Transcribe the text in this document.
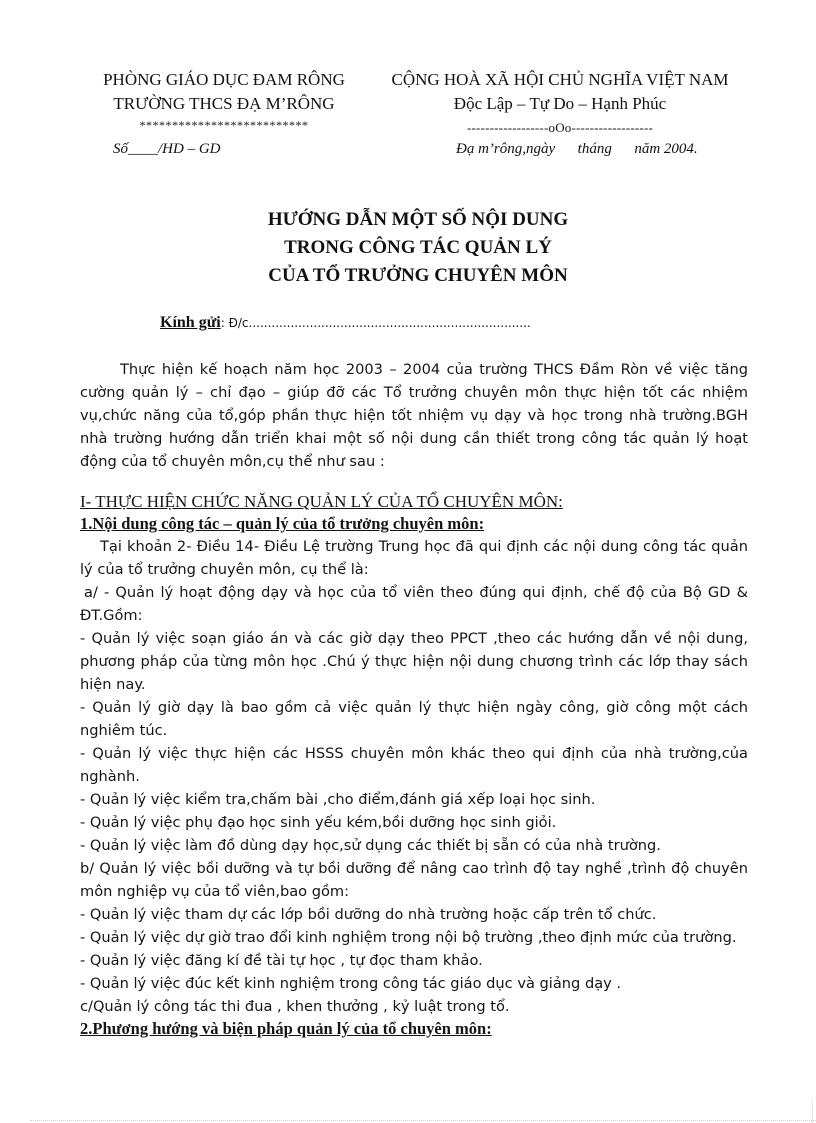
PHÒNG GIÁO DỤC ĐAM RÔNG
TRƯỜNG THCS ĐẠ M’RÔNG
**************************
CỘNG HOÀ XÃ HỘI CHỦ NGHĨA VIỆT NAM
Độc Lập – Tự Do – Hạnh Phúc
------------------oOo------------------
Số____/HD – GD	Đạ m’rông,ngày      tháng      năm 2004.
HƯỚNG DẪN MỘT SỐ NỘI DUNG
TRONG CÔNG TÁC QUẢN LÝ
CỦA TỔ TRƯỞNG CHUYÊN MÔN
Kính gửi: Đ/c..........................................................................

Thực hiện kế hoạch năm học 2003 – 2004 của trường THCS Đầm Ròn về việc tăng cường quản lý – chỉ đạo – giúp đỡ các Tổ trưởng chuyên môn thực hiện tốt các nhiệm vụ,chức năng của tổ,góp phần thực hiện tốt nhiệm vụ dạy và học trong nhà trường.BGH nhà trường hướng dẫn triển khai một số nội dung cần thiết trong công tác quản lý hoạt động của tổ chuyên môn,cụ thể như sau :

I- THỰC HIỆN CHỨC NĂNG QUẢN LÝ CỦA TỔ CHUYÊN MÔN:
1.Nội dung công tác – quản lý của tổ trưởng chuyên môn:

Tại khoản 2- Điều 14- Điều Lệ trường Trung học đã qui định các nội dung công tác quản lý của tổ trưởng chuyên môn, cụ thể là:

a/ - Quản lý hoạt động dạy và học của tổ viên theo đúng qui định, chế độ của Bộ GD & ĐT.Gồm:

- Quản lý việc soạn giáo án và các giờ dạy theo PPCT ,theo các hướng dẫn về nội dung, phương pháp của từng môn học .Chú ý thực hiện nội dung chương trình các lớp thay sách hiện nay.

- Quản lý giờ dạy là bao gồm cả việc quản lý thực hiện ngày công, giờ công một cách nghiêm túc.

- Quản lý việc thực hiện các HSSS chuyên môn khác theo qui định của nhà trường,của nghành.

- Quản lý việc kiểm tra,chấm bài ,cho điểm,đánh giá xếp loại học sinh.

- Quản lý việc phụ đạo học sinh yếu kém,bồi dưỡng học sinh giỏi.

- Quản lý việc làm đồ dùng dạy học,sử dụng các thiết bị sẵn có của nhà trường.

b/ Quản lý việc bồi dưỡng và tự bồi dưỡng để nâng cao trình độ tay nghề ,trình độ chuyên môn nghiệp vụ của tổ viên,bao gồm:

- Quản lý việc tham dự các lớp bồi dưỡng do nhà trường hoặc cấp trên tổ chức.

- Quản lý việc dự giờ trao đổi kinh nghiệm trong nội bộ trường ,theo định mức của trường.

- Quản lý việc đăng kí đề tài tự học , tự đọc tham khảo.

- Quản lý việc đúc kết kinh nghiệm trong công tác giáo dục và giảng dạy .

c/Quản lý công tác thi đua , khen thưởng , kỷ luật trong tổ.

2.Phương hướng và biện pháp quản lý của tổ chuyên môn:
